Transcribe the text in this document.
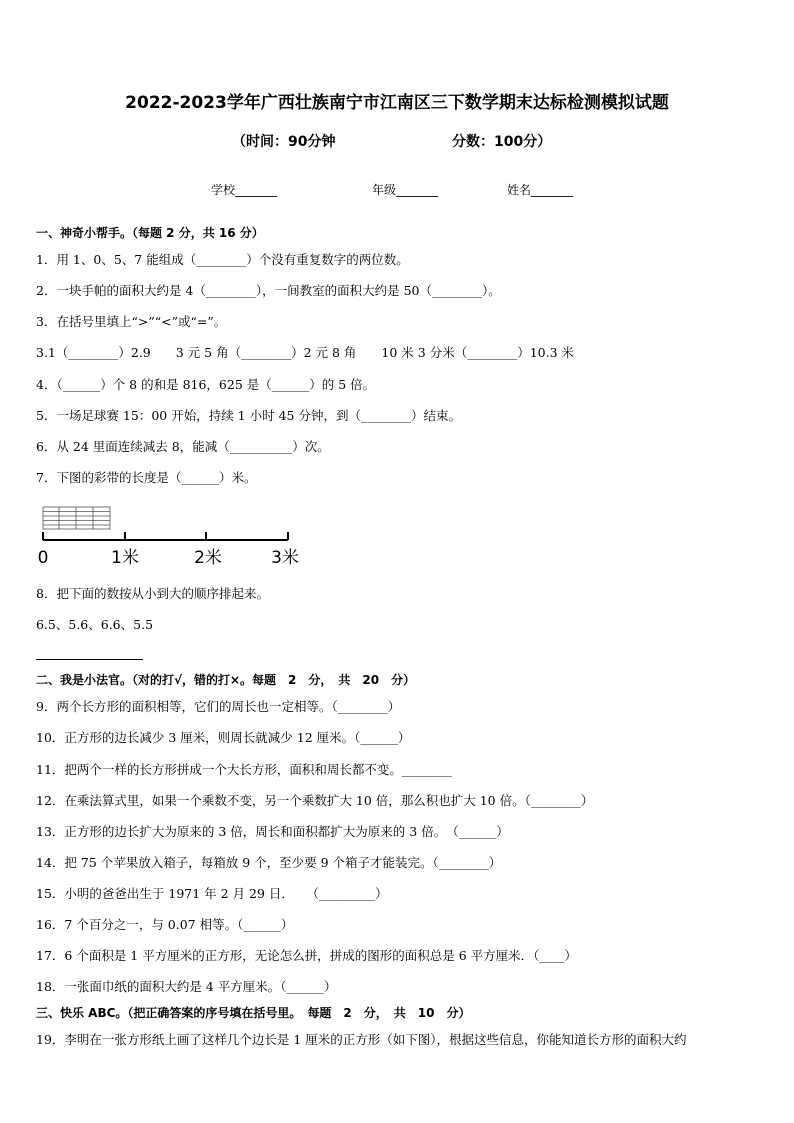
2022-2023学年广西壮族南宁市江南区三下数学期末达标检测模拟试题
（时间：90分钟	分数：100分）
学校_______	年级_______	姓名_______
一、神奇小帮手。（每题 2 分，共 16 分）
1．用 1、0、5、7 能组成（________）个没有重复数字的两位数。
2．一块手帕的面积大约是 4（________），一间教室的面积大约是 50（________）。
3．在括号里填上“>”“<”或“=”。
3.1（________）2.9　　3 元 5 角（________）2 元 8 角　　10 米 3 分米（________）10.3 米
4．（______）个 8 的和是 816，625 是（______）的 5 倍。
5．一场足球赛 15：00 开始，持续 1 小时 45 分钟，到（________）结束。
6．从 24 里面连续减去 8，能减（__________）次。
7．下图的彩带的长度是（______）米。
0	1米	2米	3米
8．把下面的数按从小到大的顺序排起来。
6.5、5.6、6.6、5.5
二、我是小法官。（对的打√，错的打×。每题　2　分，　共　20　分）
9．两个长方形的面积相等，它们的周长也一定相等。（________）
10．正方形的边长减少 3 厘米，则周长就减少 12 厘米。（______）
11．把两个一样的长方形拼成一个大长方形，面积和周长都不变。________
12．在乘法算式里，如果一个乘数不变，另一个乘数扩大 10 倍，那么积也扩大 10 倍。（________）
13．正方形的边长扩大为原来的 3 倍，周长和面积都扩大为原来的 3 倍。　（______）
14．把 75 个苹果放入箱子，每箱放 9 个，至少要 9 个箱子才能装完。（________）
15．小明的爸爸出生于 1971 年 2 月 29 日．　　（_________）
16．7 个百分之一，与 0.07 相等。（______）
17．6 个面积是 1 平方厘米的正方形，无论怎么拼，拼成的图形的面积总是 6 平方厘米．（____）
18．一张面巾纸的面积大约是 4 平方厘米。（______）
三、快乐 ABC。（把正确答案的序号填在括号里。　每题　2　分，　共　10　分）
19．李明在一张方形纸上画了这样几个边长是 1 厘米的正方形（如下图），根据这些信息，你能知道长方形的面积大约
